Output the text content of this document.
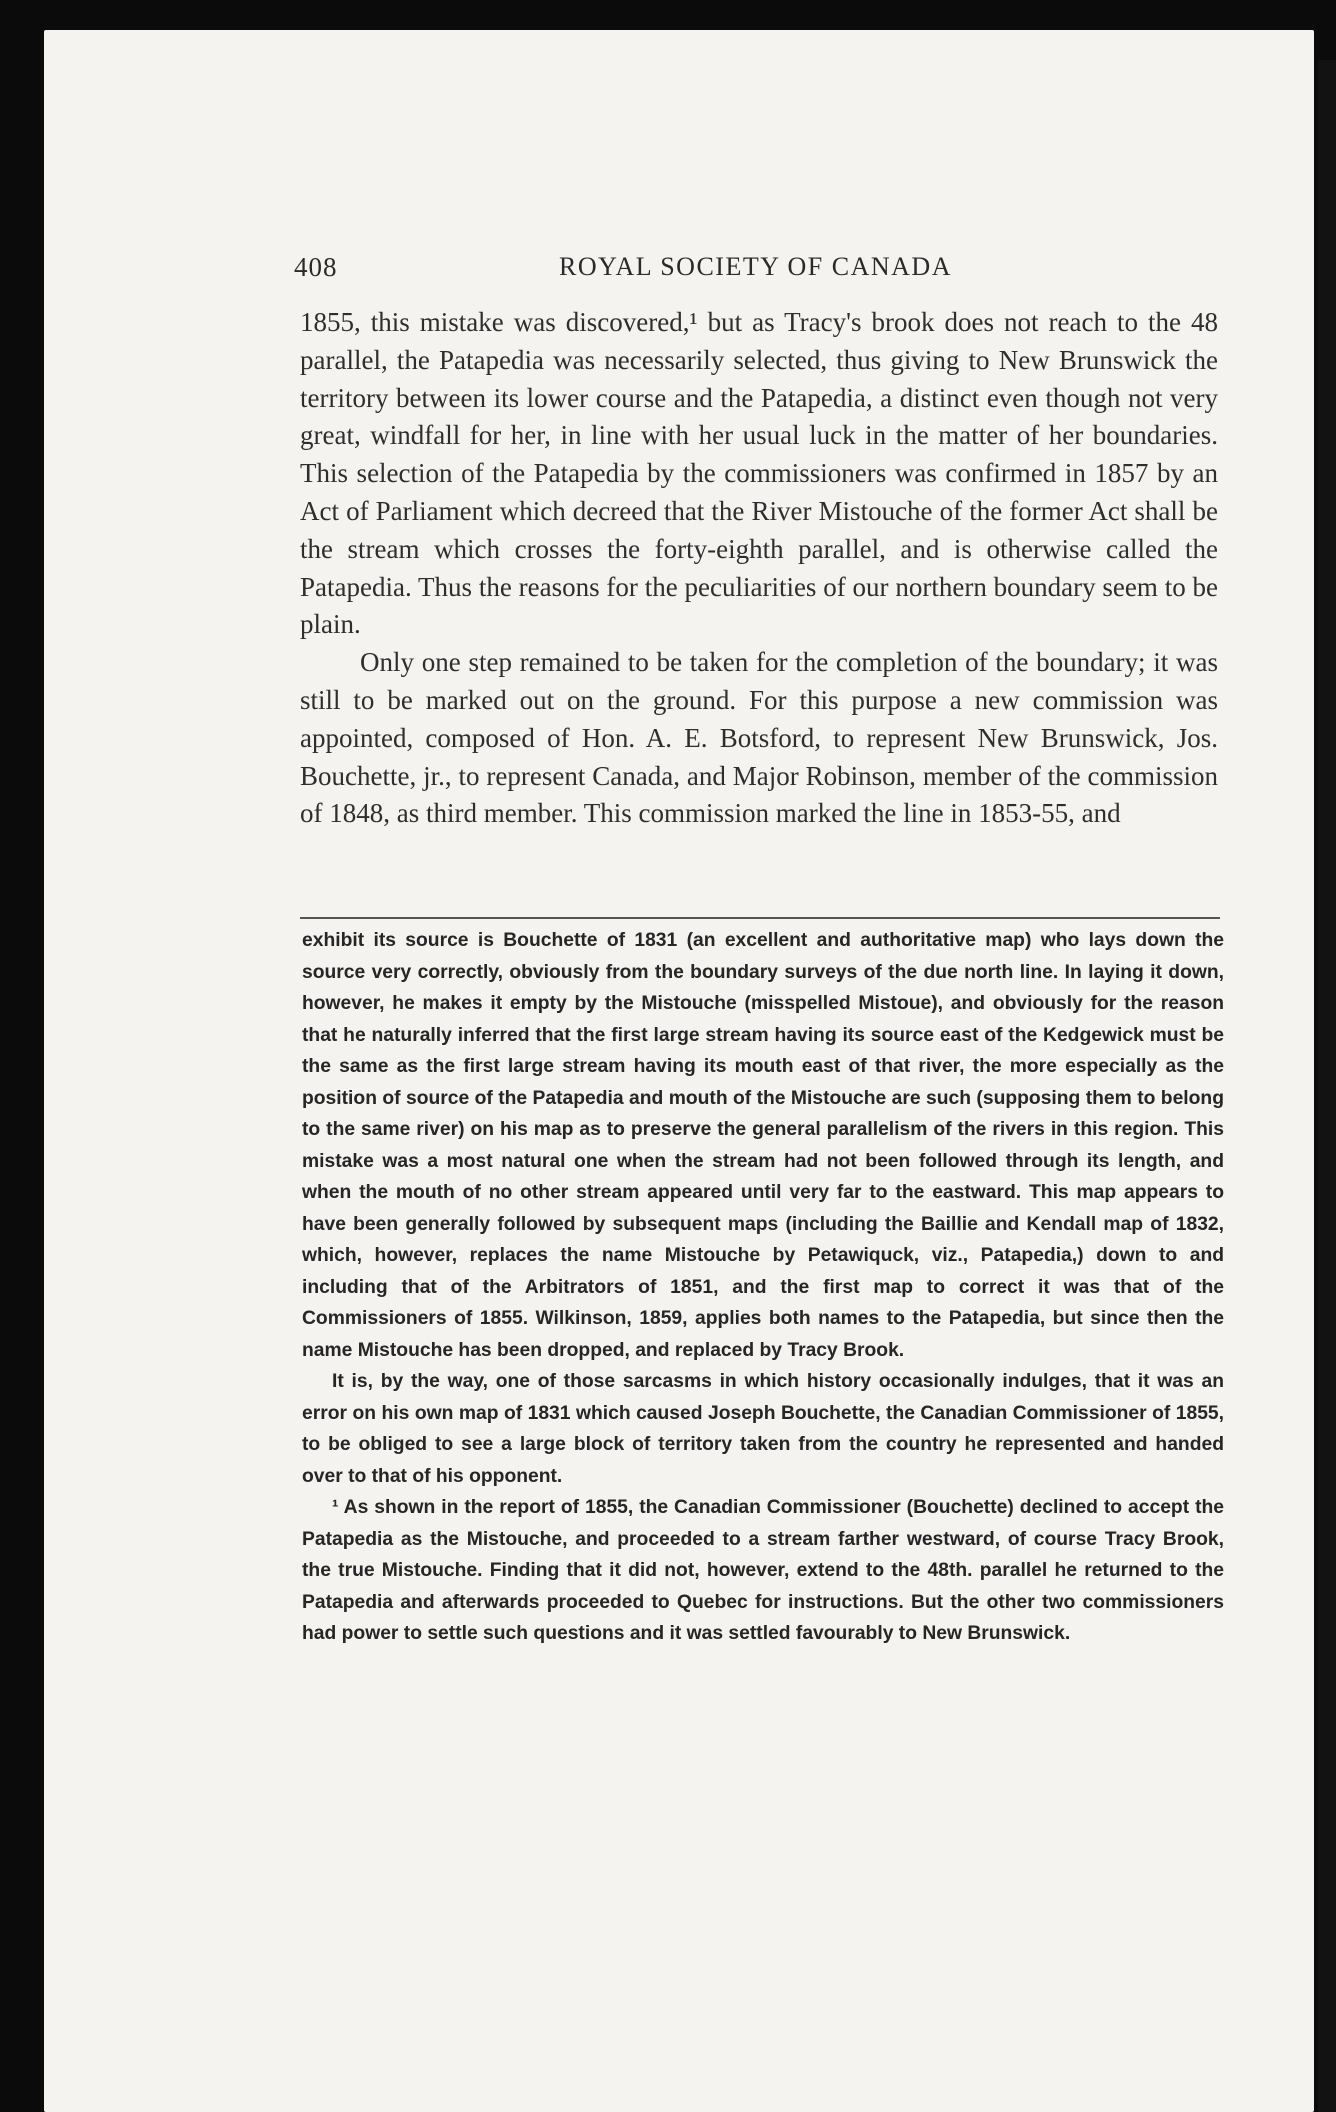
408	ROYAL SOCIETY OF CANADA

1855, this mistake was discovered,¹ but as Tracy's brook does not reach to the 48 parallel, the Patapedia was necessarily selected, thus giving to New Brunswick the territory between its lower course and the Patapedia, a distinct even though not very great, windfall for her, in line with her usual luck in the matter of her boundaries. This selection of the Patapedia by the commissioners was confirmed in 1857 by an Act of Parliament which decreed that the River Mistouche of the former Act shall be the stream which crosses the forty-eighth parallel, and is otherwise called the Patapedia. Thus the reasons for the peculiarities of our northern boundary seem to be plain.

Only one step remained to be taken for the completion of the boundary; it was still to be marked out on the ground. For this purpose a new commission was appointed, composed of Hon. A. E. Botsford, to represent New Brunswick, Jos. Bouchette, jr., to represent Canada, and Major Robinson, member of the commission of 1848, as third member. This commission marked the line in 1853-55, and

exhibit its source is Bouchette of 1831 (an excellent and authoritative map) who lays down the source very correctly, obviously from the boundary surveys of the due north line. In laying it down, however, he makes it empty by the Mistouche (misspelled Mistoue), and obviously for the reason that he naturally inferred that the first large stream having its source east of the Kedgewick must be the same as the first large stream having its mouth east of that river, the more especially as the position of source of the Patapedia and mouth of the Mistouche are such (supposing them to belong to the same river) on his map as to preserve the general parallelism of the rivers in this region. This mistake was a most natural one when the stream had not been followed through its length, and when the mouth of no other stream appeared until very far to the eastward. This map appears to have been generally followed by subsequent maps (including the Baillie and Kendall map of 1832, which, however, replaces the name Mistouche by Petawiquck, viz., Patapedia,) down to and including that of the Arbitrators of 1851, and the first map to correct it was that of the Commissioners of 1855. Wilkinson, 1859, applies both names to the Patapedia, but since then the name Mistouche has been dropped, and replaced by Tracy Brook.

It is, by the way, one of those sarcasms in which history occasionally indulges, that it was an error on his own map of 1831 which caused Joseph Bouchette, the Canadian Commissioner of 1855, to be obliged to see a large block of territory taken from the country he represented and handed over to that of his opponent.

¹ As shown in the report of 1855, the Canadian Commissioner (Bouchette) declined to accept the Patapedia as the Mistouche, and proceeded to a stream farther westward, of course Tracy Brook, the true Mistouche. Finding that it did not, however, extend to the 48th. parallel he returned to the Patapedia and afterwards proceeded to Quebec for instructions. But the other two commissioners had power to settle such questions and it was settled favourably to New Brunswick.
